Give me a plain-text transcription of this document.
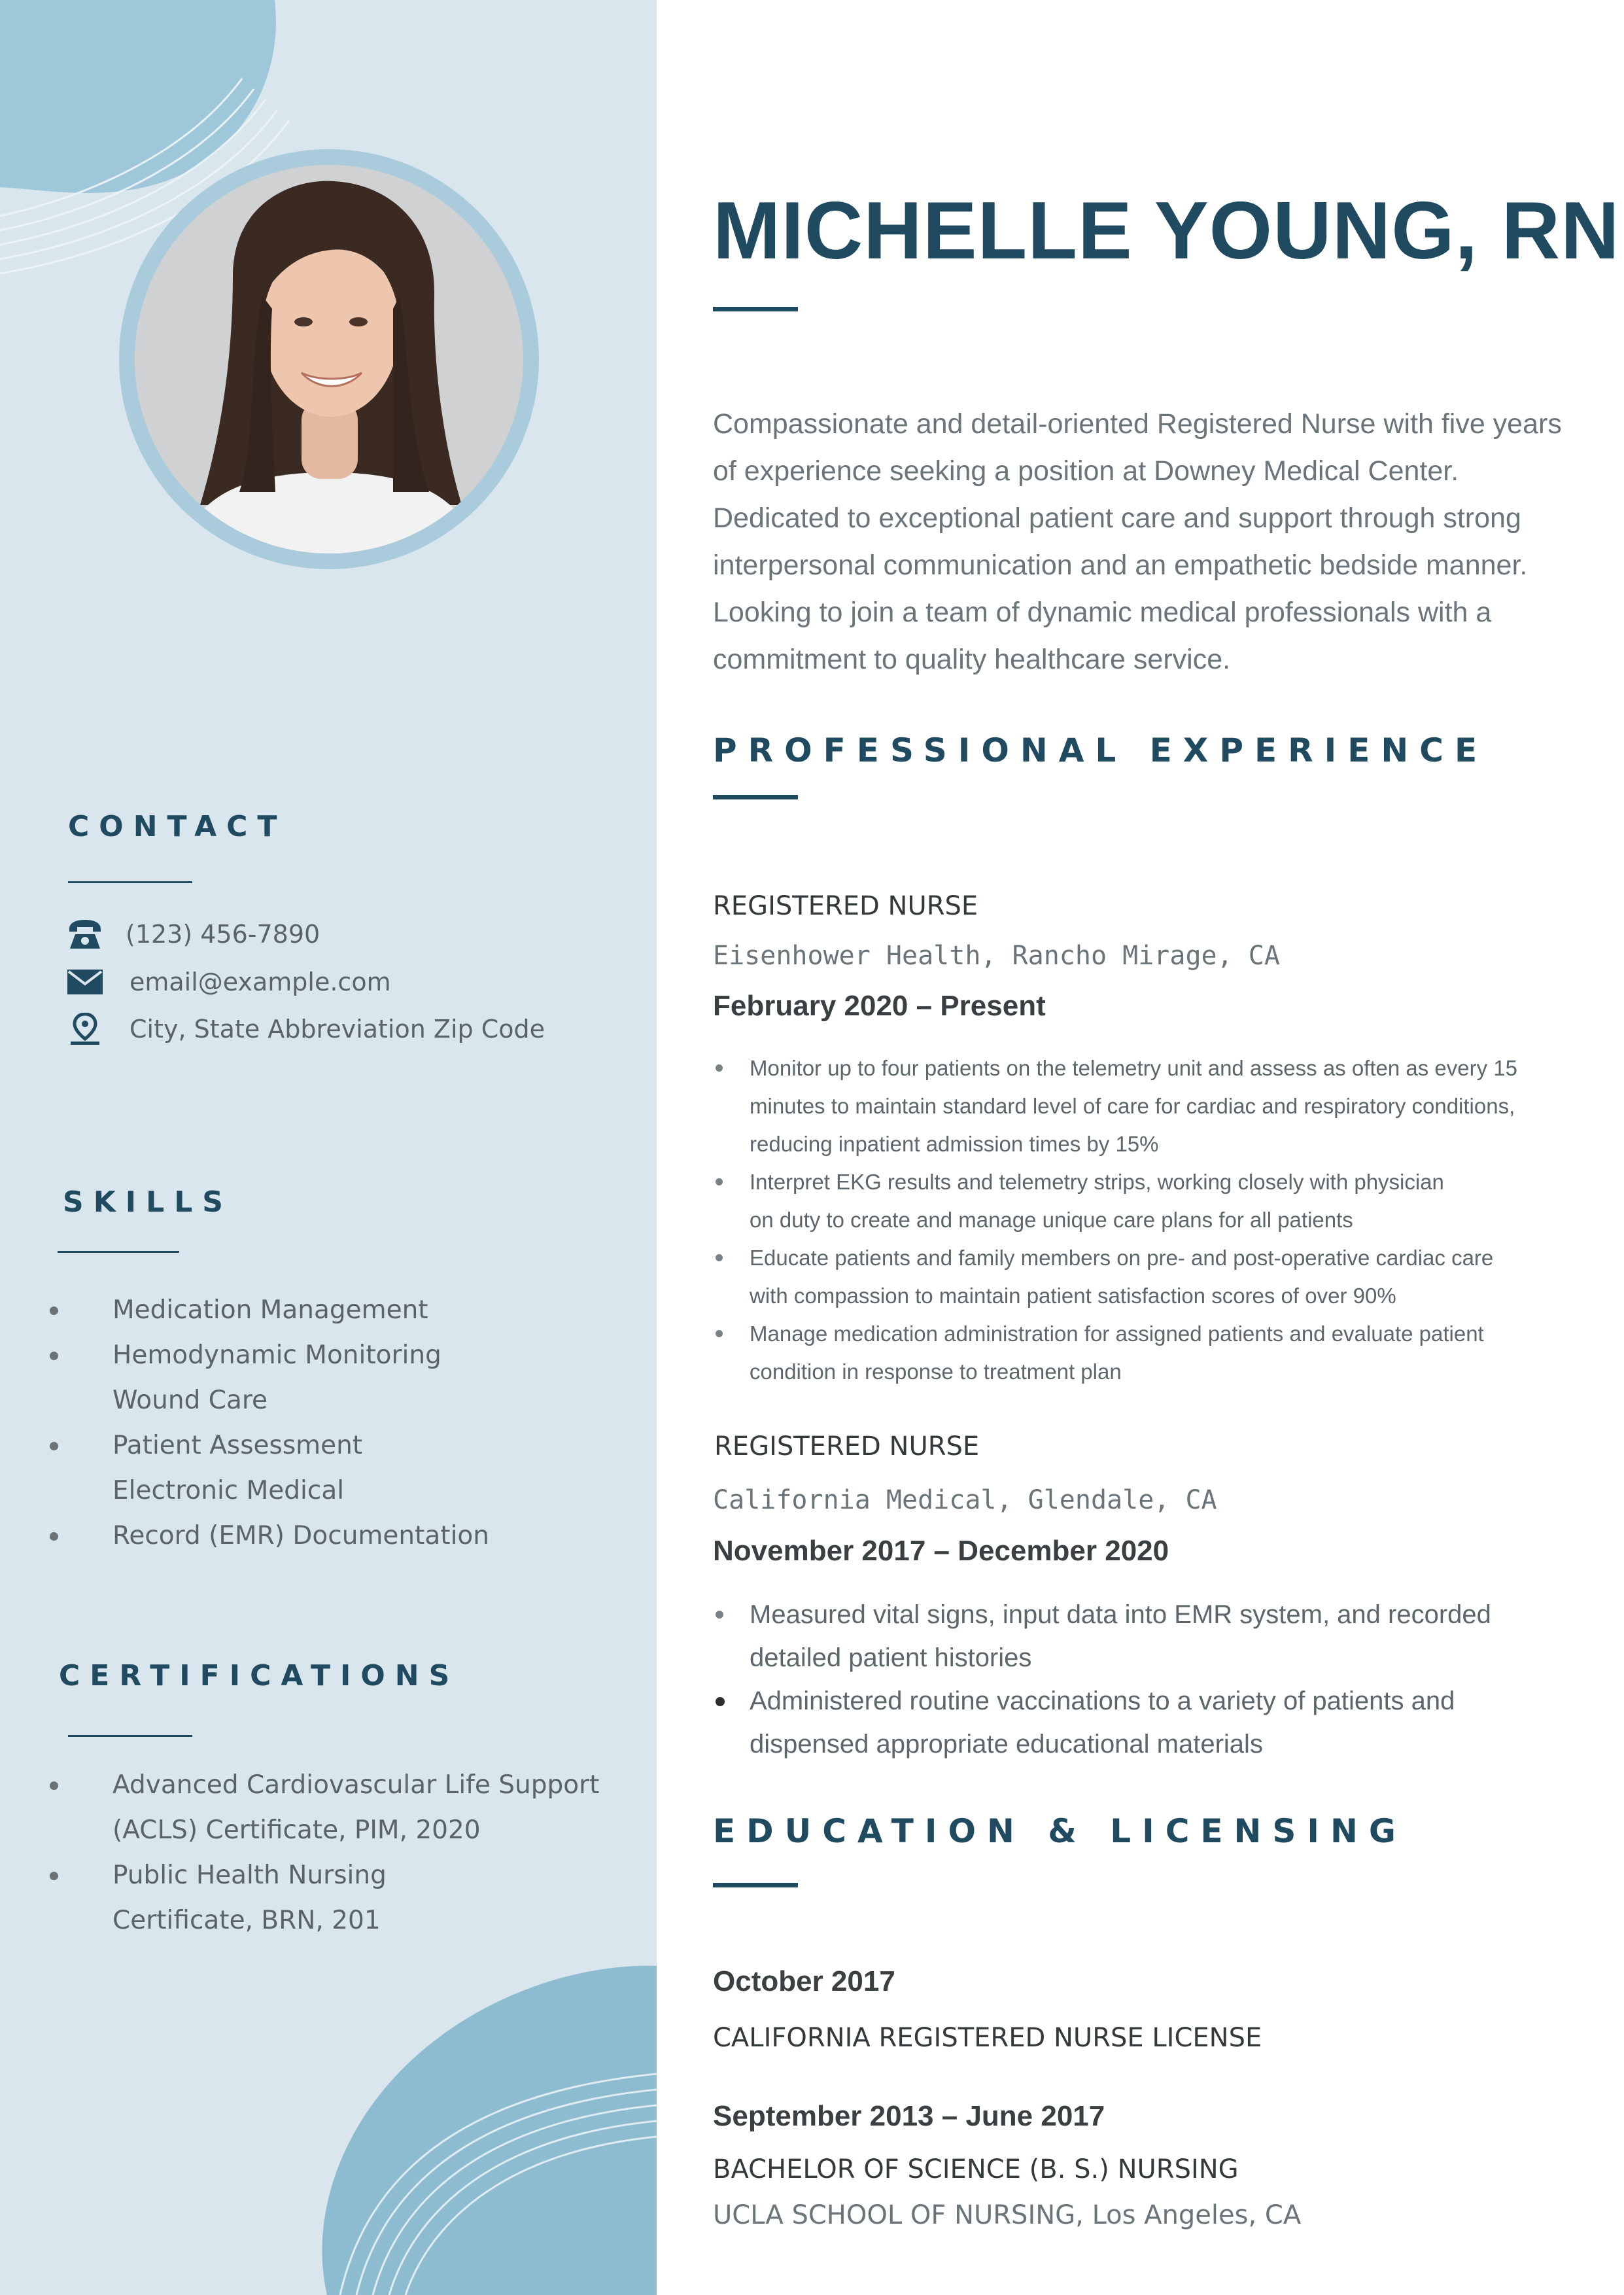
CONTACT
(123) 456-7890
email@example.com
City, State Abbreviation Zip Code
SKILLS
Medication Management
Hemodynamic Monitoring Wound Care
Patient Assessment Electronic Medical
Record (EMR) Documentation
CERTIFICATIONS
Advanced Cardiovascular Life Support (ACLS) Certificate, PIM, 2020
Public Health Nursing Certificate, BRN, 201
MICHELLE YOUNG, RN

Compassionate and detail-oriented Registered Nurse with five years of experience seeking a position at Downey Medical Center. Dedicated to exceptional patient care and support through strong interpersonal communication and an empathetic bedside manner. Looking to join a team of dynamic medical professionals with a commitment to quality healthcare service.

PROFESSIONAL EXPERIENCE
REGISTERED NURSE
Eisenhower Health, Rancho Mirage, CA
February 2020 – Present
Monitor up to four patients on the telemetry unit and assess as often as every 15 minutes to maintain standard level of care for cardiac and respiratory conditions, reducing inpatient admission times by 15%
Interpret EKG results and telemetry strips, working closely with physician on duty to create and manage unique care plans for all patients
Educate patients and family members on pre- and post-operative cardiac care with compassion to maintain patient satisfaction scores of over 90%
Manage medication administration for assigned patients and evaluate patient condition in response to treatment plan
REGISTERED NURSE
California Medical, Glendale, CA
November 2017 – December 2020
Measured vital signs, input data into EMR system, and recorded detailed patient histories
Administered routine vaccinations to a variety of patients and dispensed appropriate educational materials
EDUCATION & LICENSING
October 2017
CALIFORNIA REGISTERED NURSE LICENSE
September 2013 – June 2017
BACHELOR OF SCIENCE (B. S.) NURSING
UCLA SCHOOL OF NURSING, Los Angeles, CA
